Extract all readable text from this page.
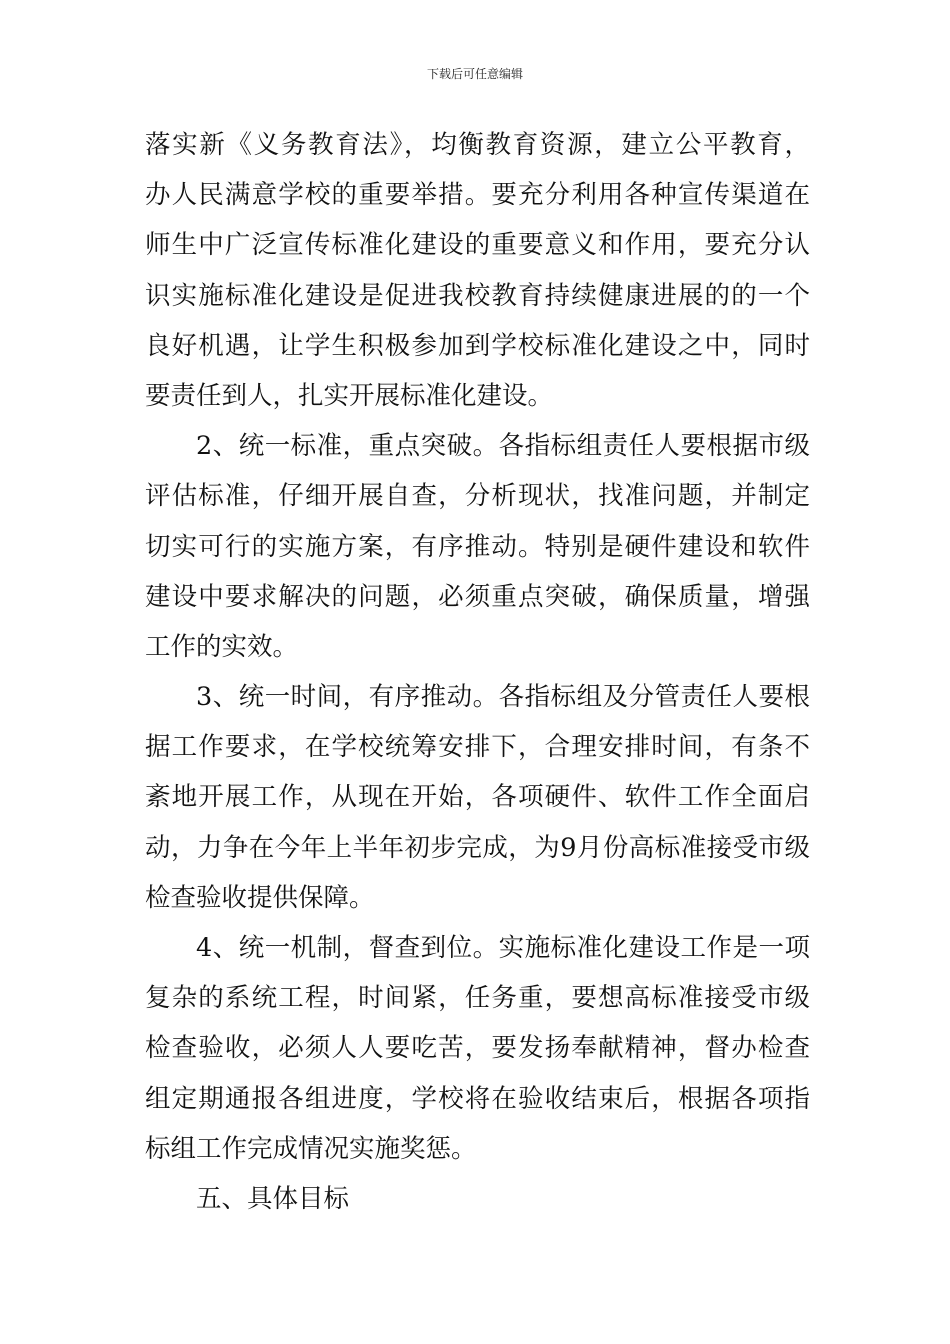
下载后可任意编辑
落实新《义务教育法》，均衡教育资源，建立公平教育，
办人民满意学校的重要举措。要充分利用各种宣传渠道在
师生中广泛宣传标准化建设的重要意义和作用，要充分认
识实施标准化建设是促进我校教育持续健康进展的的一个
良好机遇，让学生积极参加到学校标准化建设之中，同时
要责任到人，扎实开展标准化建设。
2、统一标准，重点突破。各指标组责任人要根据市级
评估标准，仔细开展自查，分析现状，找准问题，并制定
切实可行的实施方案，有序推动。特别是硬件建设和软件
建设中要求解决的问题，必须重点突破，确保质量，增强
工作的实效。
3、统一时间，有序推动。各指标组及分管责任人要根
据工作要求，在学校统筹安排下，合理安排时间，有条不
紊地开展工作，从现在开始，各项硬件、软件工作全面启
动，力争在今年上半年初步完成，为9月份高标准接受市级
检查验收提供保障。
4、统一机制，督查到位。实施标准化建设工作是一项
复杂的系统工程，时间紧，任务重，要想高标准接受市级
检查验收，必须人人要吃苦，要发扬奉献精神，督办检查
组定期通报各组进度，学校将在验收结束后，根据各项指
标组工作完成情况实施奖惩。
五、具体目标
